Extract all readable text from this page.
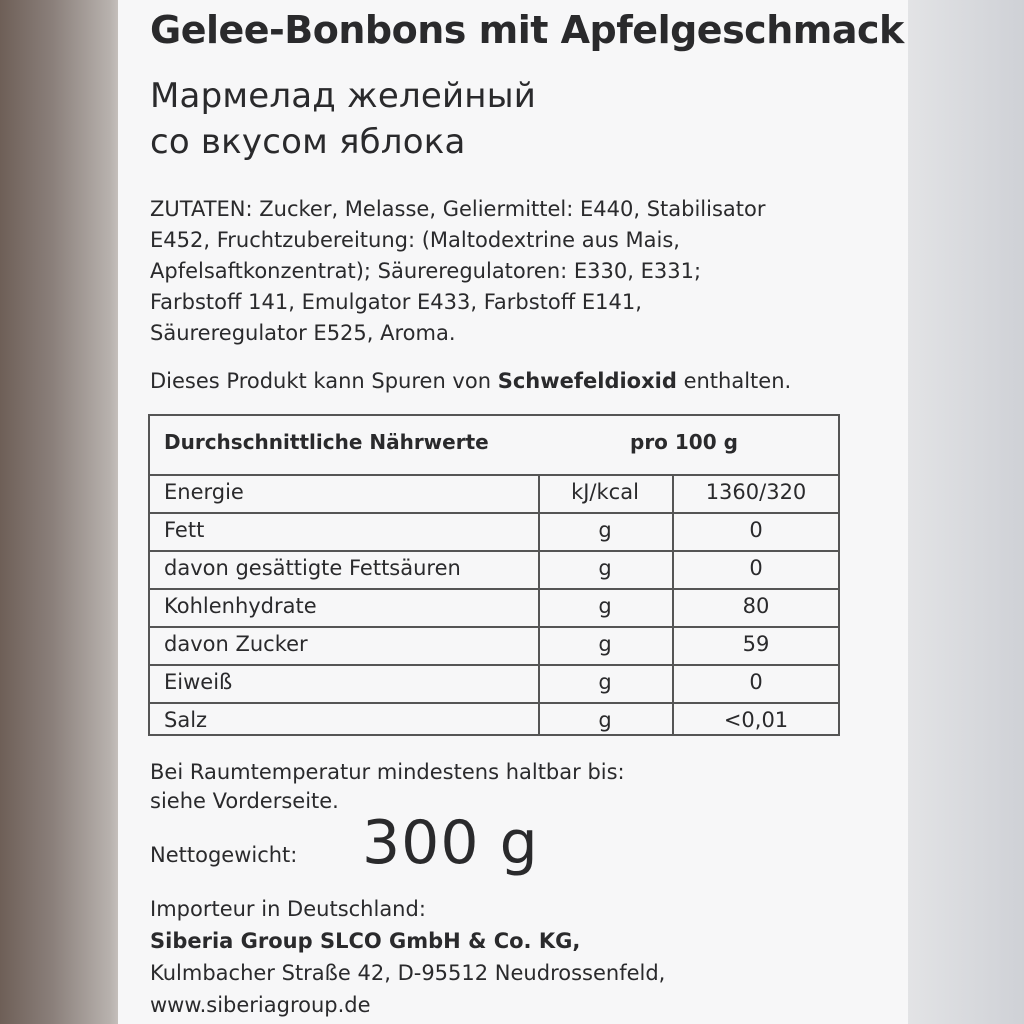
Gelee-Bonbons mit Apfelgeschmack
Мармелад желейный
со вкусом яблока
ZUTATEN: Zucker, Melasse, Geliermittel: E440, Stabilisator
E452, Fruchtzubereitung: (Maltodextrine aus Mais,
Apfelsaftkonzentrat); Säureregulatoren: E330, E331;
Farbstoff 141, Emulgator E433, Farbstoff E141,
Säureregulator E525, Aroma.
Dieses Produkt kann Spuren von Schwefeldioxid enthalten.
Durchschnittliche Nährwerte	pro 100 g
Energie	kJ/kcal	1360/320
Fett	g	0
davon gesättigte Fettsäuren	g	0
Kohlenhydrate	g	80
davon Zucker	g	59
Eiweiß	g	0
Salz	g	<0,01
Bei Raumtemperatur mindestens haltbar bis:
siehe Vorderseite.
Nettogewicht: 300 g
Importeur in Deutschland:
Siberia Group SLCO GmbH & Co. KG,
Kulmbacher Straße 42, D-95512 Neudrossenfeld,
www.siberiagroup.de
